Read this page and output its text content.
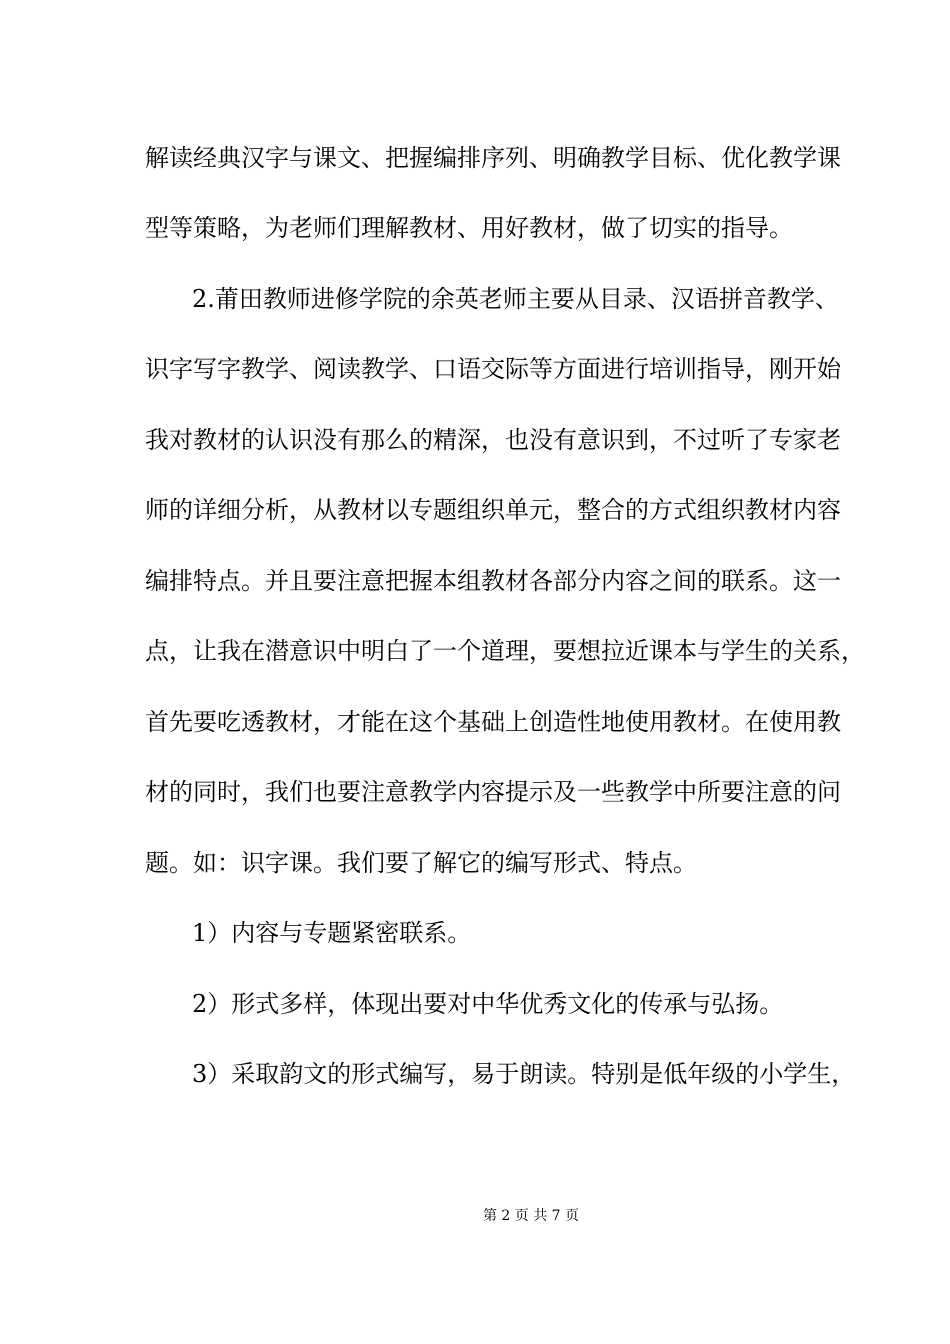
解读经典汉字与课文、把握编排序列、明确教学目标、优化教学课
型等策略，为老师们理解教材、用好教材，做了切实的指导。
2.莆田教师进修学院的余英老师主要从目录、汉语拼音教学、
识字写字教学、阅读教学、口语交际等方面进行培训指导，刚开始
我对教材的认识没有那么的精深，也没有意识到，不过听了专家老
师的详细分析，从教材以专题组织单元，整合的方式组织教材内容
编排特点。并且要注意把握本组教材各部分内容之间的联系。这一
点，让我在潜意识中明白了一个道理，要想拉近课本与学生的关系，
首先要吃透教材，才能在这个基础上创造性地使用教材。在使用教
材的同时，我们也要注意教学内容提示及一些教学中所要注意的问
题。如：识字课。我们要了解它的编写形式、特点。
1）内容与专题紧密联系。
2）形式多样，体现出要对中华优秀文化的传承与弘扬。
3）采取韵文的形式编写，易于朗读。特别是低年级的小学生，
第 2 页 共 7 页
